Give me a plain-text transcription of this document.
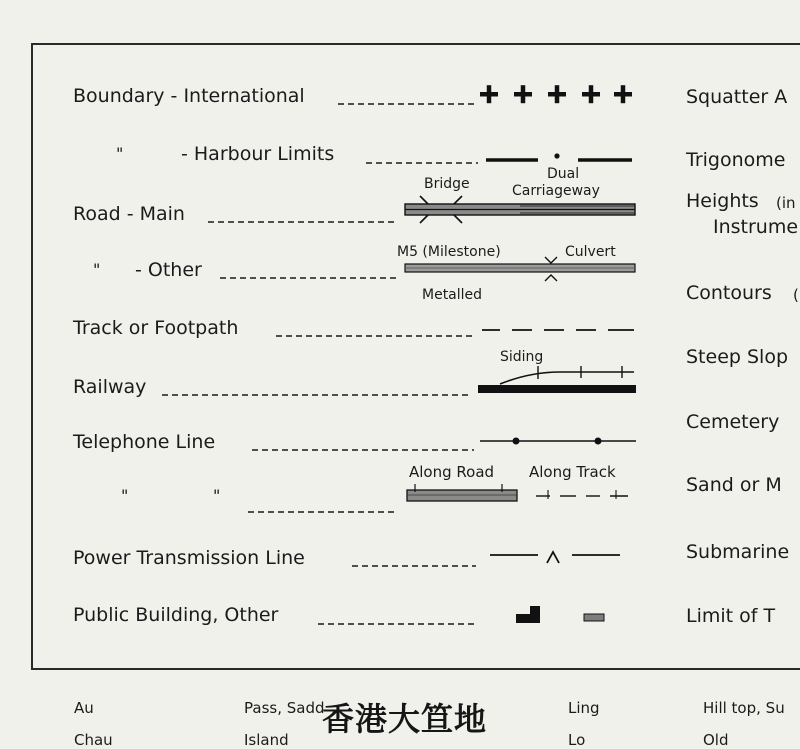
Boundary - International
"	- Harbour Limits
Road - Main
" - Other
Track or Footpath
Railway
Telephone Line
"	"
Power Transmission Line
Public Building, Other
Bridge
Dual
Carriageway
M5 (Milestone)	Culvert
Metalled
Siding
Along Road Along Track
Squatter A
Trigonome
Heights (in
Instrume
Contours (
Steep Slop
Cemetery
Sand or M
Submarine
Limit of T
Au	Pass, Sadd	Ling	Hill top, Su
Chau	Island	Lo	Old
香港大笪地
